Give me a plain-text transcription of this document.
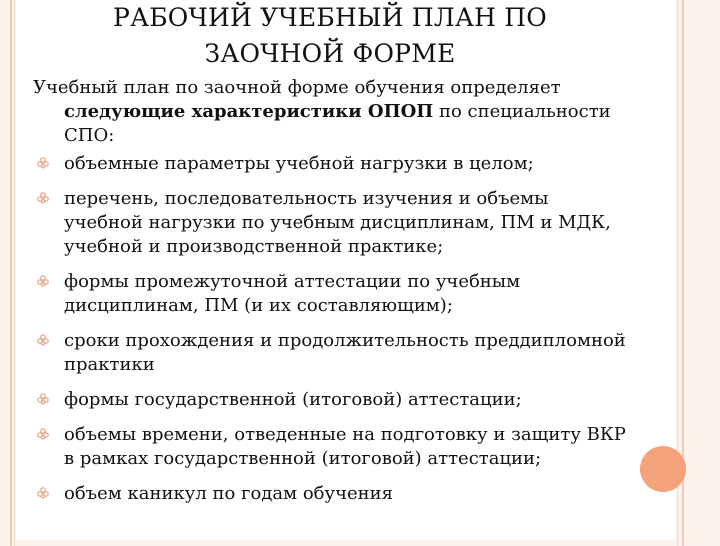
РАБОЧИЙ УЧЕБНЫЙ ПЛАН ПО
ЗАОЧНОЙ ФОРМЕ
Учебный план по заочной форме обучения определяет
следующие характеристики ОПОП по специальности
СПО:
объемные параметры учебной нагрузки в целом;
перечень, последовательность изучения и объемы учебной нагрузки по учебным дисциплинам, ПМ и МДК, учебной и производственной практике;
формы промежуточной аттестации по учебным дисциплинам, ПМ (и их составляющим);
сроки прохождения и продолжительность преддипломной практики
формы государственной (итоговой) аттестации;
объемы времени, отведенные на подготовку и защиту ВКР в рамках государственной (итоговой) аттестации;
объем каникул по годам обучения
